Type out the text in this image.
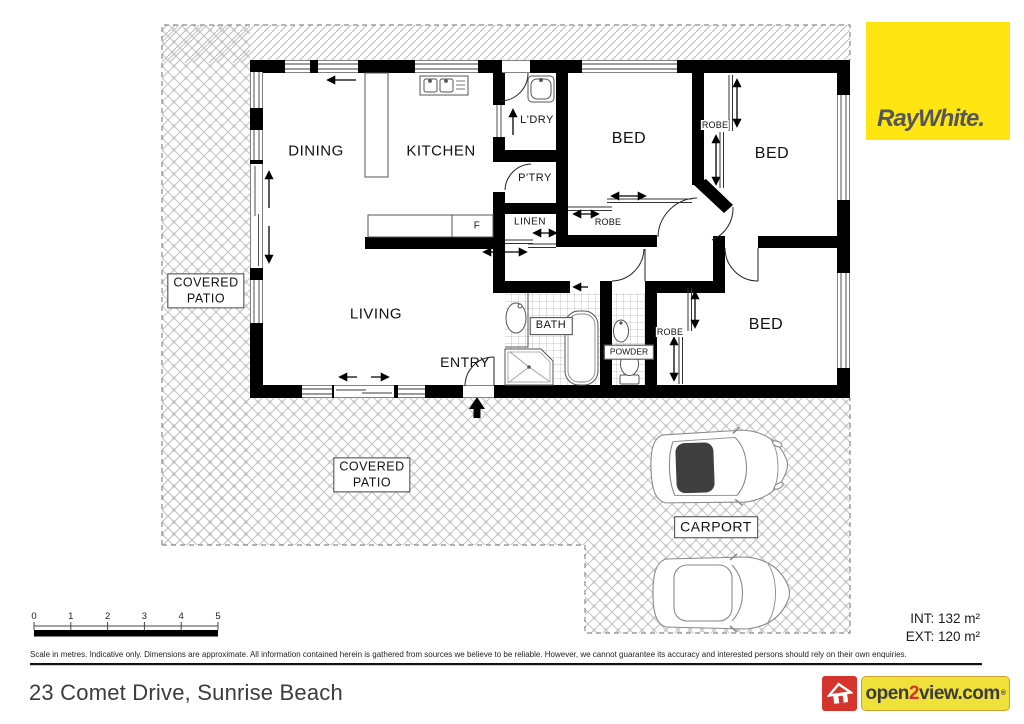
DINING	KITCHEN
L'DRY
P'TRY
LINEN	ROBE
ROBE
ROBE
BED
BED
BED
BATH
POWDER
LIVING
ENTRY
F
COVERED
PATIO
COVERED
PATIO
CARPORT
INT: 132 m²
EXT: 120 m²
0	1	2	3	4	5
Scale in metres. Indicative only. Dimensions are approximate. All information contained herein is gathered from sources we believe to be reliable. However, we cannot guarantee its accuracy and interested persons should rely on their own enquiries.
23 Comet Drive, Sunrise Beach
RayWhite.
open 2 view.com ®
